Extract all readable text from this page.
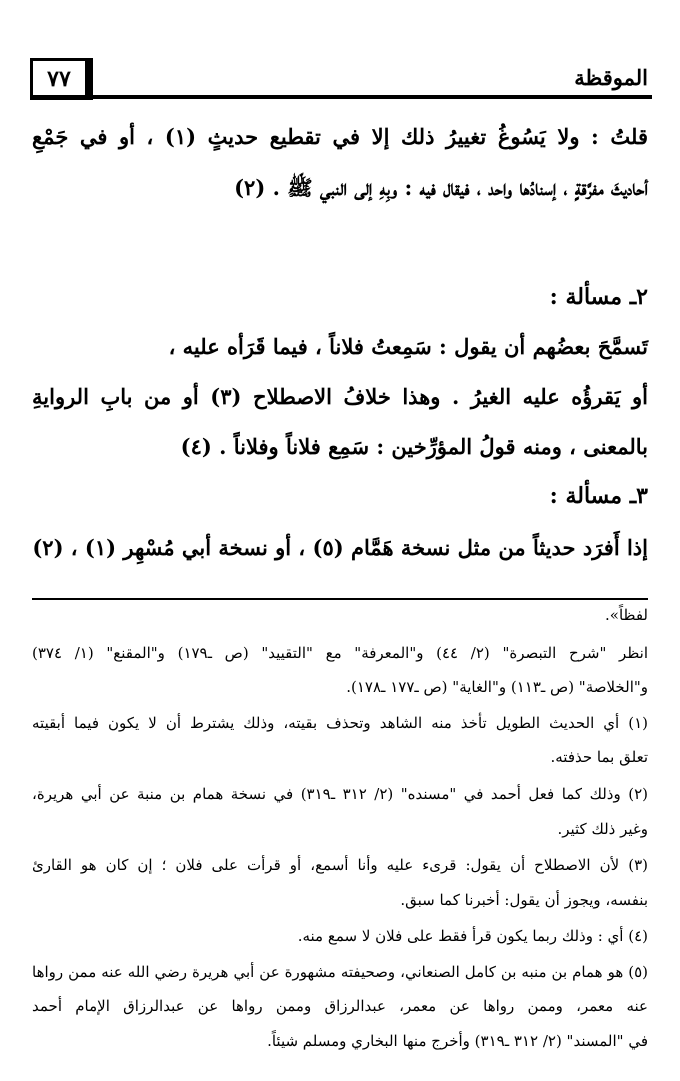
٧٧	الموقظة
قلتُ : ولا يَسُوغُ تغييرُ ذلك إلا في تقطيع حديثٍ (١) ، أو في جَمْعِ
أحاديثَ مفرَّقةٍ ، إسنادُها واحد ، فيقال فيه : وبِهِ إلى النبي ﷺ . (٢)
٢ـ مسألة :
تَسمَّحَ بعضُهم أن يقول : سَمِعتُ فلاناً ، فيما قَرَأه عليه ،
أو يَقرؤُه عليه الغيرُ . وهذا خلافُ الاصطلاح (٣) أو من بابِ الروايةِ
بالمعنى ، ومنه قولُ المؤرِّخين : سَمِع فلاناً وفلاناً . (٤)
٣ـ مسألة :
إذا أَفرَد حديثاً من مثل نسخة هَمَّام (٥) ، أو نسخة أبي مُسْهِر (١) ، (٢)
لفظاً».
انظر "شرح التبصرة" (٢/ ٤٤) و"المعرفة" مع "التقييد" (ص ـ١٧٩) و"المقنع" (١/ ٣٧٤)
و"الخلاصة" (ص ـ١١٣) و"الغاية" (ص ـ١٧٧ ـ١٧٨).
(١) أي الحديث الطويل تأخذ منه الشاهد وتحذف بقيته، وذلك يشترط أن لا يكون فيما أبقيته
تعلق بما حذفته.
(٢) وذلك كما فعل أحمد في "مسنده" (٢/ ٣١٢ ـ٣١٩) في نسخة همام بن منبة عن أبي هريرة،
وغير ذلك كثير.
(٣) لأن الاصطلاح أن يقول: قرىء عليه وأنا أسمع، أو قرأت على فلان ؛ إن كان هو القارئ
بنفسه، ويجوز أن يقول: أخبرنا كما سبق.
(٤) أي : وذلك ربما يكون قرأ فقط على فلان لا سمع منه.
(٥) هو همام بن منبه بن كامل الصنعاني، وصحيفته مشهورة عن أبي هريرة رضي الله عنه ممن رواها
عنه معمر، وممن رواها عن معمر، عبدالرزاق وممن رواها عن عبدالرزاق الإمام أحمد
في "المسند" (٢/ ٣١٢ ـ٣١٩) وأخرج منها البخاري ومسلم شيئاً.
